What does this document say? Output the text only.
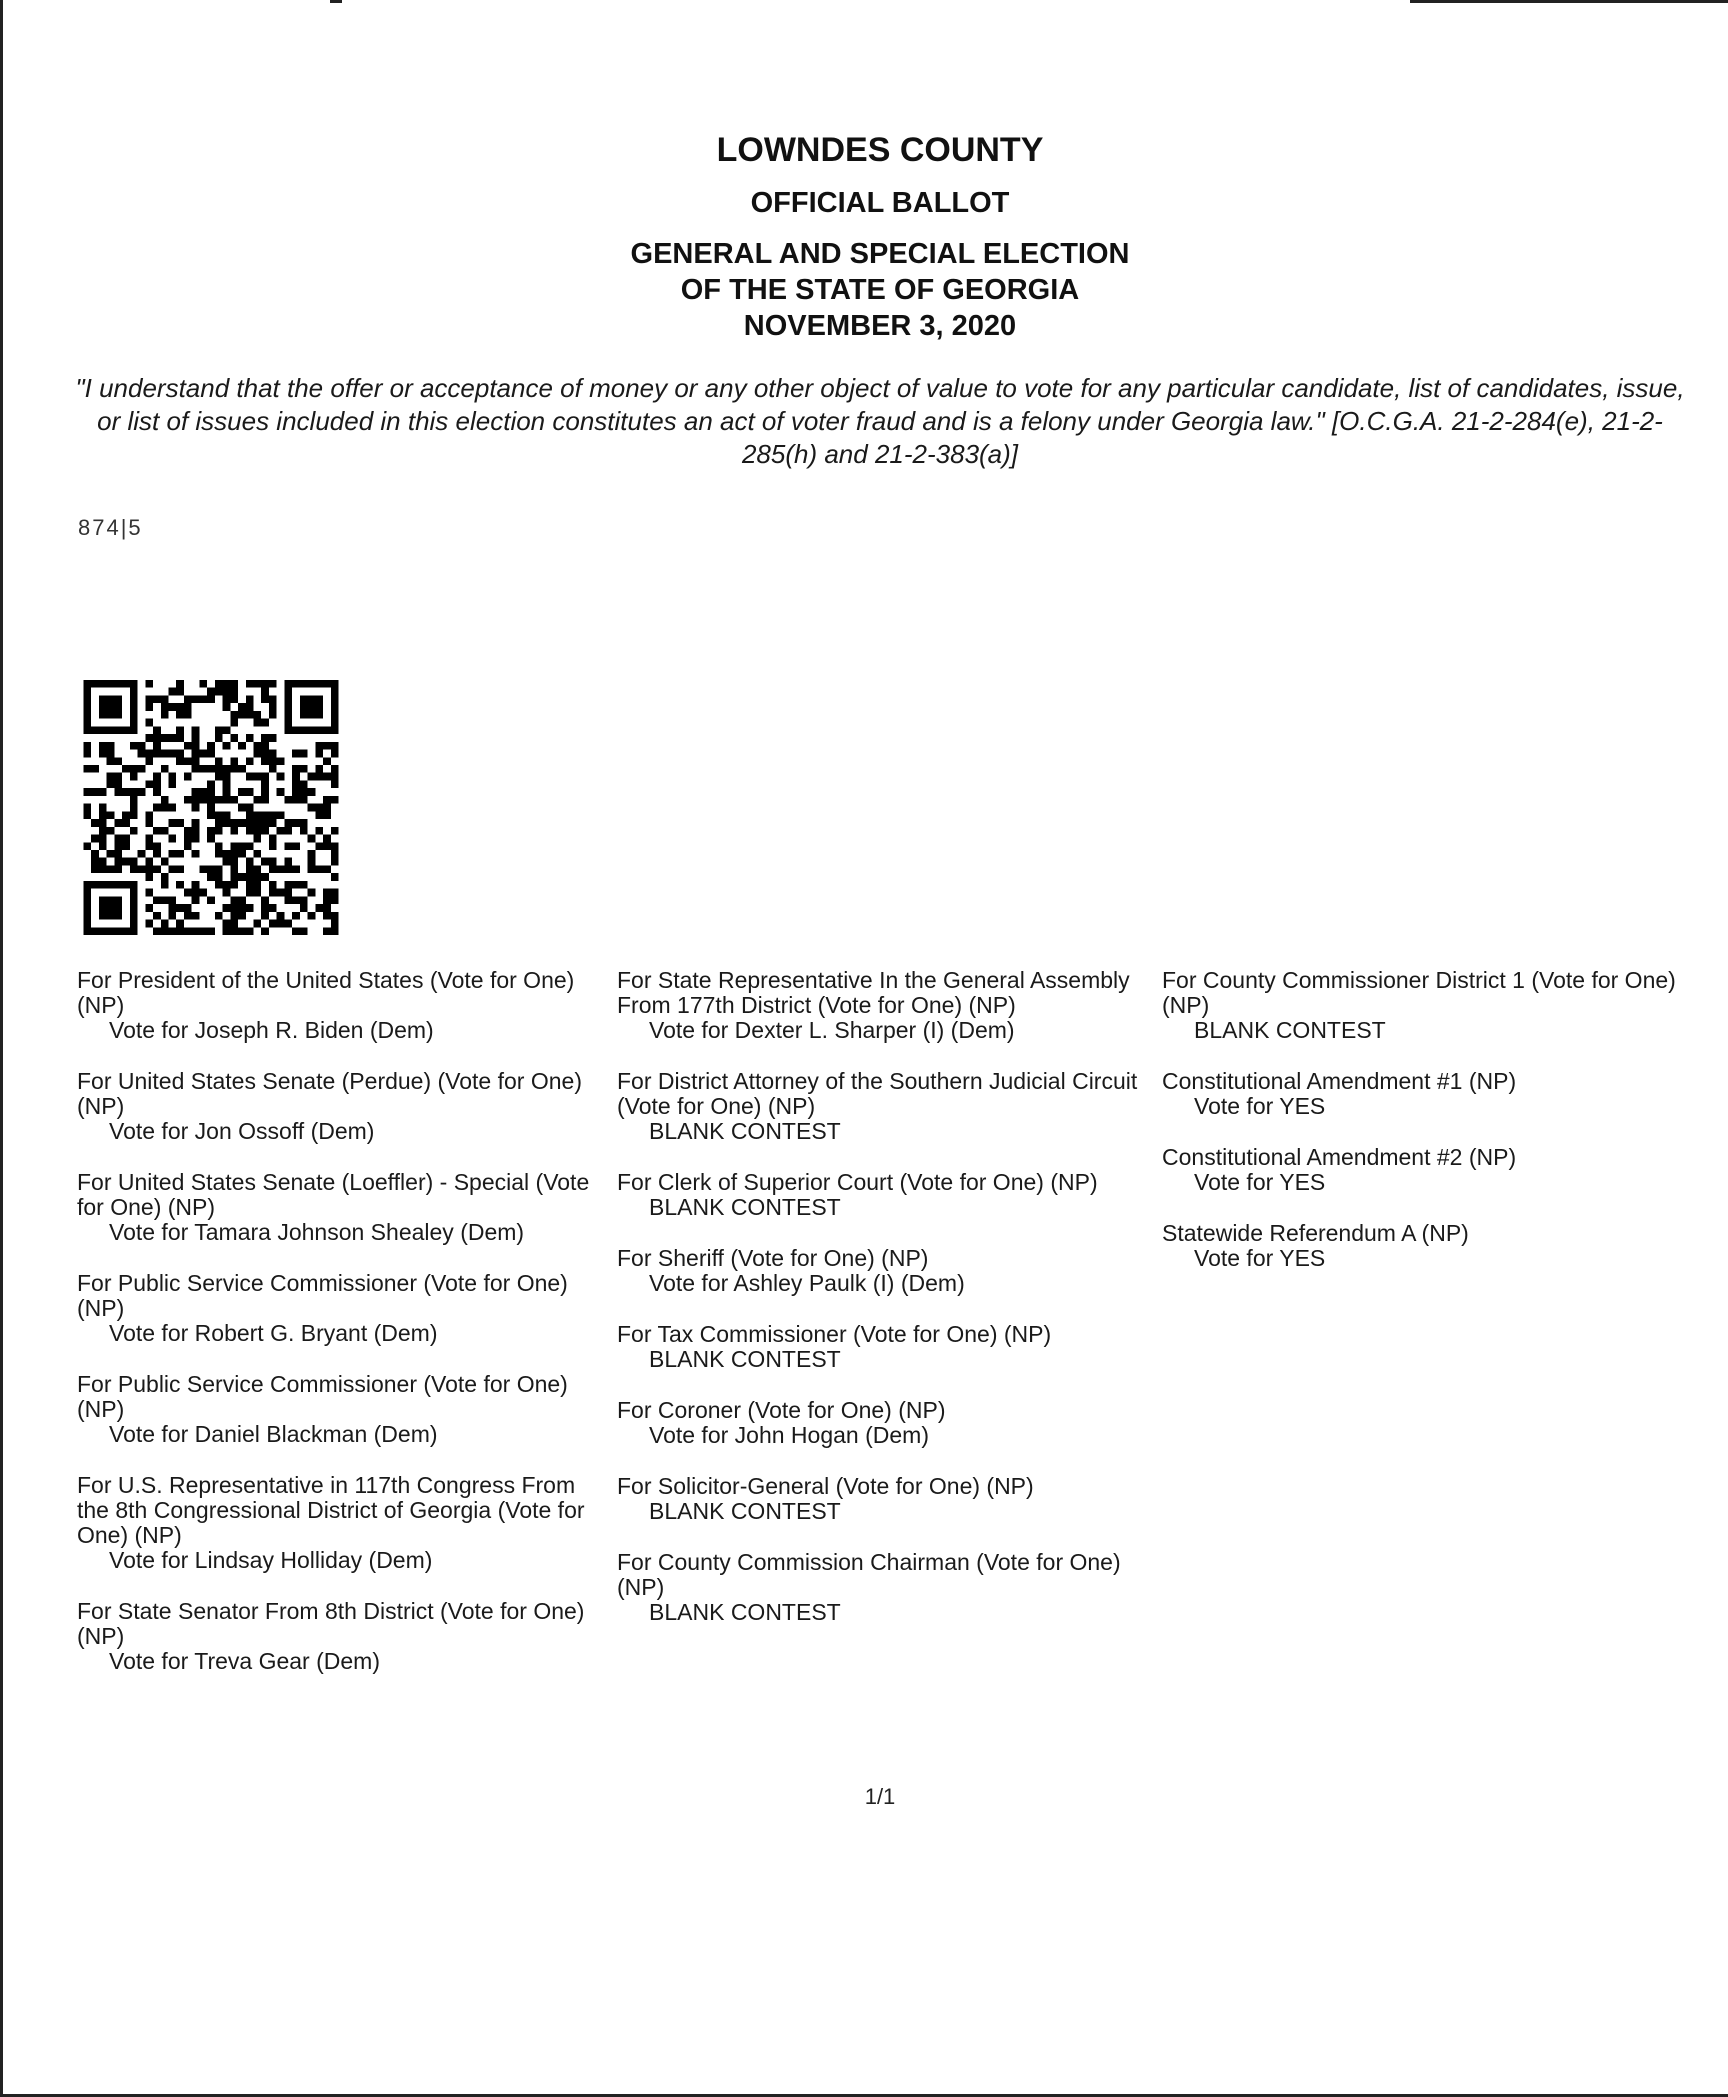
LOWNDES COUNTY
OFFICIAL BALLOT
GENERAL AND SPECIAL ELECTION
OF THE STATE OF GEORGIA
NOVEMBER 3, 2020
"I understand that the offer or acceptance of money or any other object of value to vote for any particular candidate, list of candidates, issue, or list of issues included in this election constitutes an act of voter fraud and is a felony under Georgia law." [O.C.G.A. 21-2-284(e), 21-2-285(h) and 21-2-383(a)]
874|5
For President of the United States (Vote for One) (NP)
Vote for Joseph R. Biden (Dem)
For United States Senate (Perdue) (Vote for One) (NP)
Vote for Jon Ossoff (Dem)
For United States Senate (Loeffler) - Special (Vote for One) (NP)
Vote for Tamara Johnson Shealey (Dem)
For Public Service Commissioner (Vote for One) (NP)
Vote for Robert G. Bryant (Dem)
For Public Service Commissioner (Vote for One) (NP)
Vote for Daniel Blackman (Dem)
For U.S. Representative in 117th Congress From the 8th Congressional District of Georgia (Vote for One) (NP)
Vote for Lindsay Holliday (Dem)
For State Senator From 8th District (Vote for One) (NP)
Vote for Treva Gear (Dem)
For State Representative In the General Assembly From 177th District (Vote for One) (NP)
Vote for Dexter L. Sharper (I) (Dem)
For District Attorney of the Southern Judicial Circuit (Vote for One) (NP)
BLANK CONTEST
For Clerk of Superior Court (Vote for One) (NP)
BLANK CONTEST
For Sheriff (Vote for One) (NP)
Vote for Ashley Paulk (I) (Dem)
For Tax Commissioner (Vote for One) (NP)
BLANK CONTEST
For Coroner (Vote for One) (NP)
Vote for John Hogan (Dem)
For Solicitor-General (Vote for One) (NP)
BLANK CONTEST
For County Commission Chairman (Vote for One) (NP)
BLANK CONTEST
For County Commissioner District 1 (Vote for One) (NP)
BLANK CONTEST
Constitutional Amendment #1 (NP)
Vote for YES
Constitutional Amendment #2 (NP)
Vote for YES
Statewide Referendum A (NP)
Vote for YES
1/1
